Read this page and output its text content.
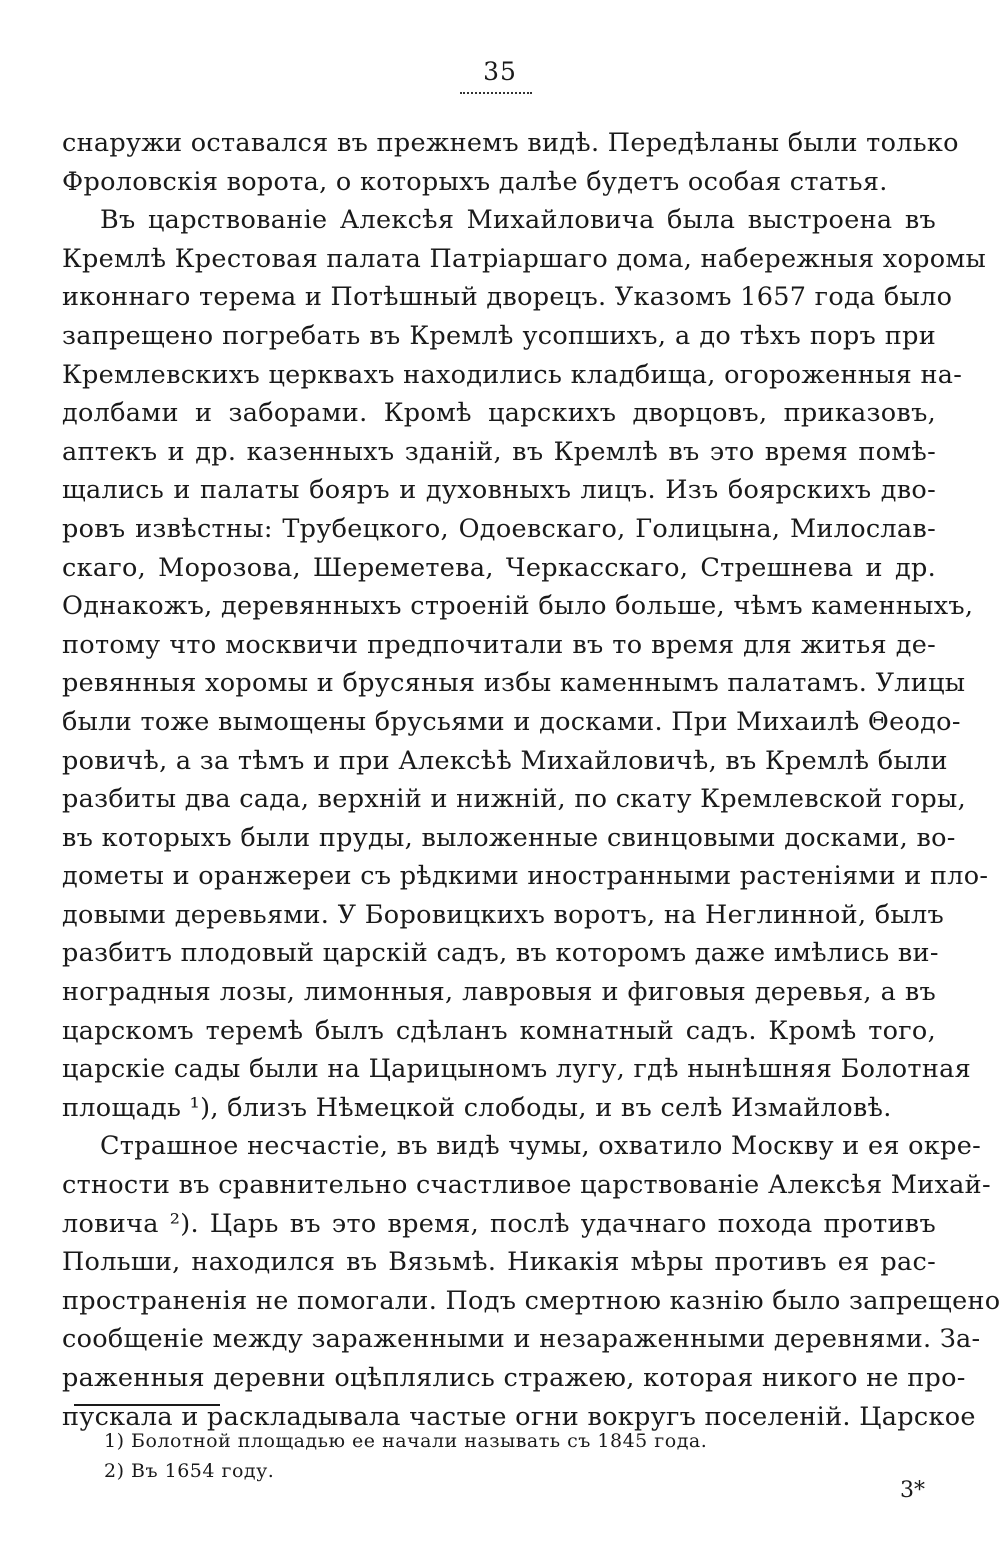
35
снаружи оставался въ прежнемъ видѣ. Передѣланы были только
Фроловскія ворота, о которыхъ далѣе будетъ особая статья.
Въ царствованіе Алексѣя Михайловича была выстроена въ
Кремлѣ Крестовая палата Патріаршаго дома, набережныя хоромы
иконнаго терема и Потѣшный дворецъ. Указомъ 1657 года было
запрещено погребать въ Кремлѣ усопшихъ, а до тѣхъ поръ при
Кремлевскихъ церквахъ находились кладбища, огороженныя на-
долбами и заборами. Кромѣ царскихъ дворцовъ, приказовъ,
аптекъ и др. казенныхъ зданій, въ Кремлѣ въ это время помѣ-
щались и палаты бояръ и духовныхъ лицъ. Изъ боярскихъ дво-
ровъ извѣстны: Трубецкого, Одоевскаго, Голицына, Милослав-
скаго, Морозова, Шереметева, Черкасскаго, Стрешнева и др.
Однакожъ, деревянныхъ строеній было больше, чѣмъ каменныхъ,
потому что москвичи предпочитали въ то время для житья де-
ревянныя хоромы и брусяныя избы каменнымъ палатамъ. Улицы
были тоже вымощены брусьями и досками. При Михаилѣ Θеодо-
ровичѣ, а за тѣмъ и при Алексѣѣ Михайловичѣ, въ Кремлѣ были
разбиты два сада, верхній и нижній, по скату Кремлевской горы,
въ которыхъ были пруды, выложенные свинцовыми досками, во-
дометы и оранжереи съ рѣдкими иностранными растеніями и пло-
довыми деревьями. У Боровицкихъ воротъ, на Неглинной, былъ
разбитъ плодовый царскій садъ, въ которомъ даже имѣлись ви-
ноградныя лозы, лимонныя, лавровыя и фиговыя деревья, а въ
царскомъ теремѣ былъ сдѣланъ комнатный садъ. Кромѣ того,
царскіе сады были на Царицыномъ лугу, гдѣ нынѣшняя Болотная
площадь ¹), близъ Нѣмецкой слободы, и въ селѣ Измайловѣ.
Страшное несчастіе, въ видѣ чумы, охватило Москву и ея окре-
стности въ сравнительно счастливое царствованіе Алексѣя Михай-
ловича ²). Царь въ это время, послѣ удачнаго похода противъ
Польши, находился въ Вязьмѣ. Никакія мѣры противъ ея рас-
пространенія не помогали. Подъ смертною казнію было запрещено
сообщеніе между зараженными и незараженными деревнями. За-
раженныя деревни оцѣплялись стражею, которая никого не про-
пускала и раскладывала частые огни вокругъ поселеній. Царское
1) Болотной площадью ее начали называть съ 1845 года.
2) Въ 1654 году.
3*
